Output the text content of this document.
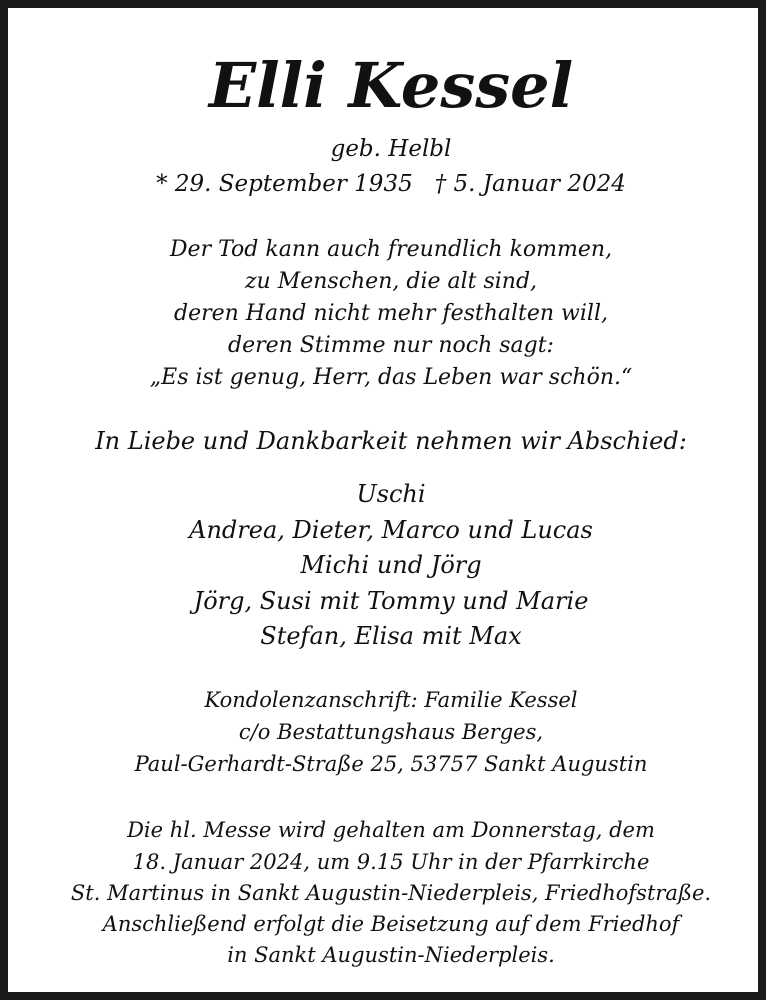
Elli Kessel
geb. Helbl
* 29. September 1935 † 5. Januar 2024
Der Tod kann auch freundlich kommen,
zu Menschen, die alt sind,
deren Hand nicht mehr festhalten will,
deren Stimme nur noch sagt:
„Es ist genug, Herr, das Leben war schön.“
In Liebe und Dankbarkeit nehmen wir Abschied:
Uschi
Andrea, Dieter, Marco und Lucas
Michi und Jörg
Jörg, Susi mit Tommy und Marie
Stefan, Elisa mit Max
Kondolenzanschrift: Familie Kessel
c/o Bestattungshaus Berges,
Paul-Gerhardt-Straße 25, 53757 Sankt Augustin
Die hl. Messe wird gehalten am Donnerstag, dem
18. Januar 2024, um 9.15 Uhr in der Pfarrkirche
St. Martinus in Sankt Augustin-Niederpleis, Friedhofstraße.
Anschließend erfolgt die Beisetzung auf dem Friedhof
in Sankt Augustin-Niederpleis.
